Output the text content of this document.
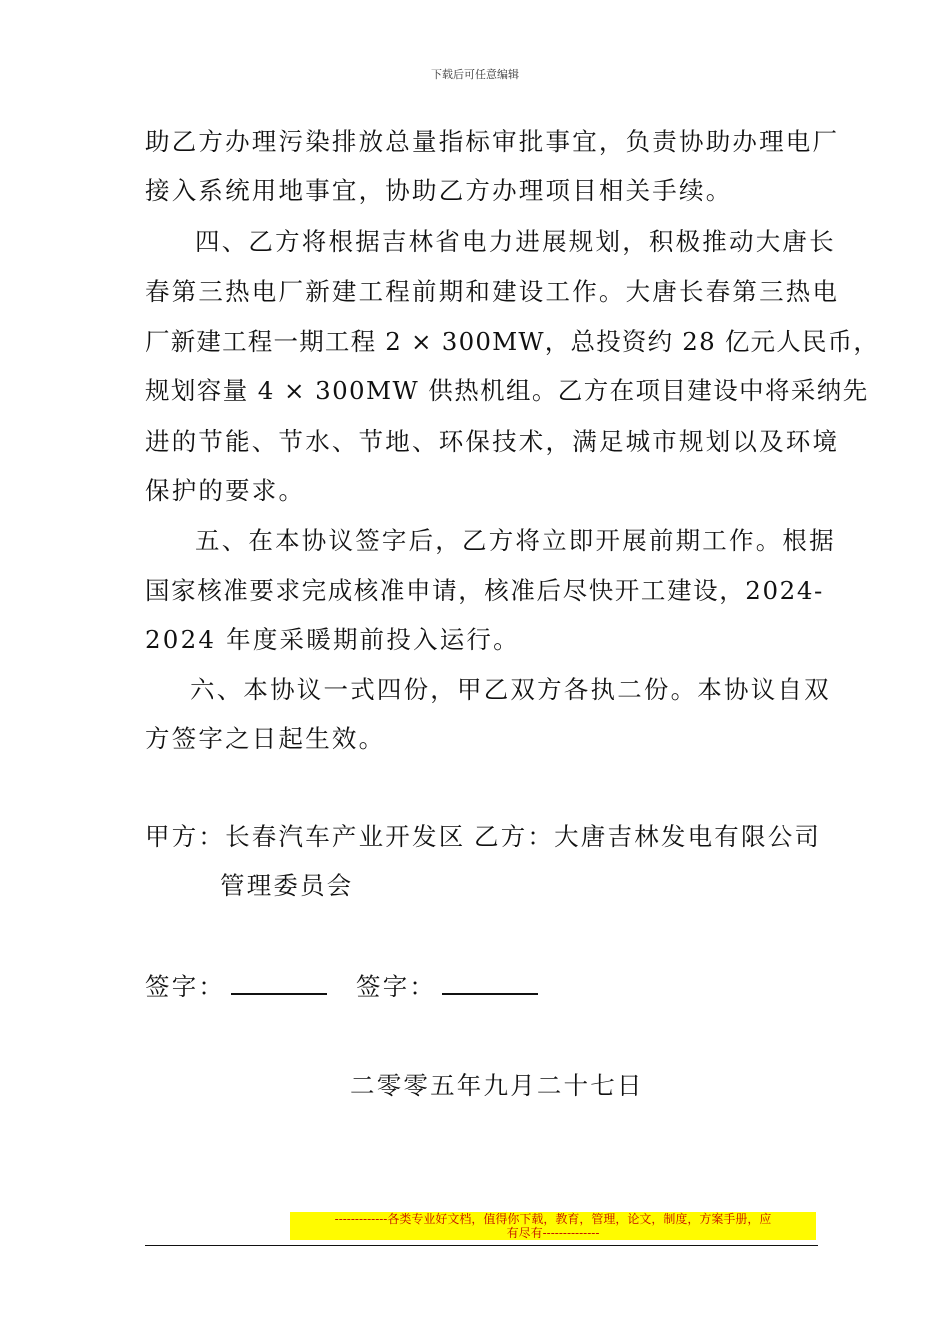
下载后可任意编辑
助乙方办理污染排放总量指标审批事宜，负责协助办理电厂
接入系统用地事宜，协助乙方办理项目相关手续。
四、乙方将根据吉林省电力进展规划，积极推动大唐长
春第三热电厂新建工程前期和建设工作。大唐长春第三热电
厂新建工程一期工程 2 × 300MW，总投资约 28 亿元人民币，
规划容量 4 × 300MW 供热机组。乙方在项目建设中将采纳先
进的节能、节水、节地、环保技术，满足城市规划以及环境
保护的要求。
五、在本协议签字后，乙方将立即开展前期工作。根据
国家核准要求完成核准申请，核准后尽快开工建设，2024-
2024 年度采暖期前投入运行。
六、本协议一式四份，甲乙双方各执二份。本协议自双
方签字之日起生效。
甲方：长春汽车产业开发区 乙方：大唐吉林发电有限公司
管理委员会
签字：	签字：
二零零五年九月二十七日
-------------各类专业好文档，值得你下载，教育，管理，论文，制度，方案手册，应
有尽有--------------
